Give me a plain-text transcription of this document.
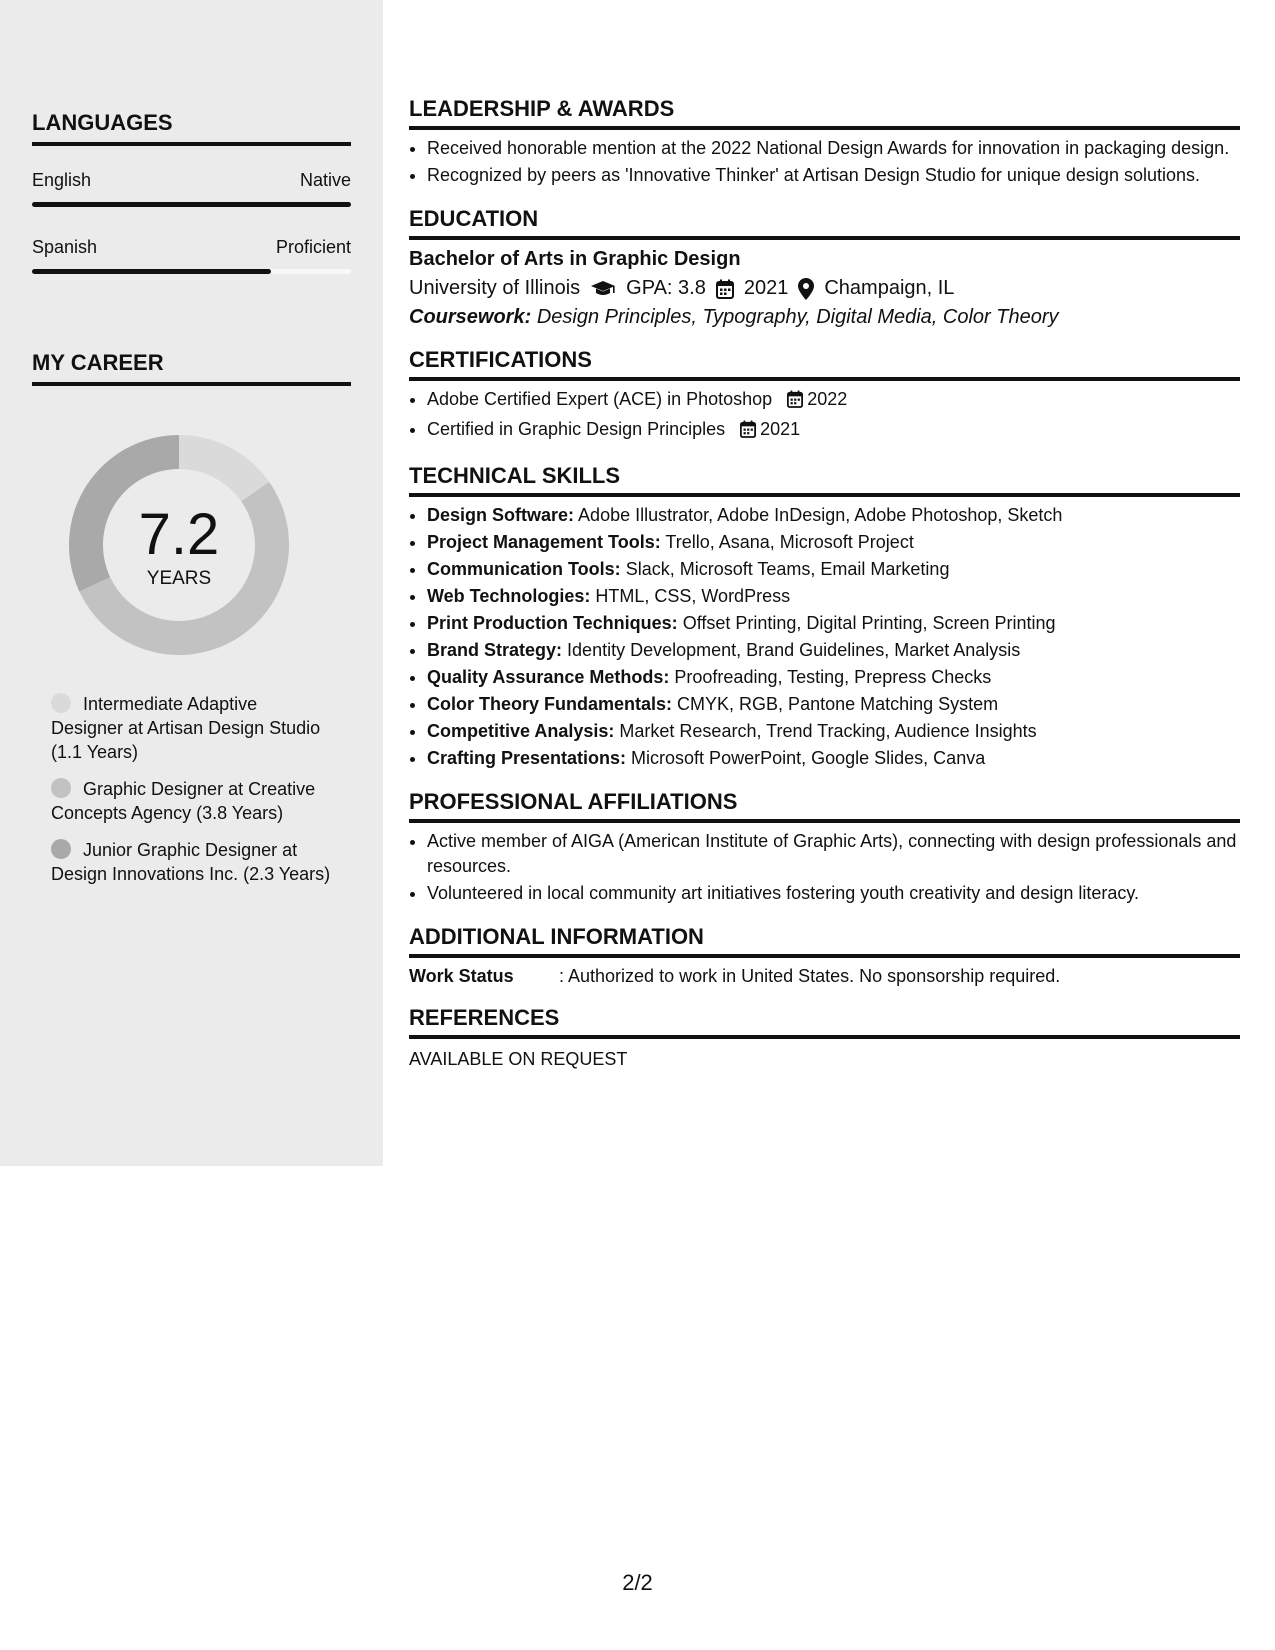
LANGUAGES
English	Native
Spanish	Proficient
MY CAREER
7.2
YEARS
Intermediate Adaptive Designer at Artisan Design Studio (1.1 Years)
Graphic Designer at Creative Concepts Agency (3.8 Years)
Junior Graphic Designer at Design Innovations Inc. (2.3 Years)
LEADERSHIP & AWARDS
• Received honorable mention at the 2022 National Design Awards for innovation in packaging design.
• Recognized by peers as 'Innovative Thinker' at Artisan Design Studio for unique design solutions.
EDUCATION
Bachelor of Arts in Graphic Design
University of Illinois GPA: 3.8 2021 Champaign, IL
Coursework: Design Principles, Typography, Digital Media, Color Theory
CERTIFICATIONS
• Adobe Certified Expert (ACE) in Photoshop 2022
• Certified in Graphic Design Principles 2021
TECHNICAL SKILLS
• Design Software: Adobe Illustrator, Adobe InDesign, Adobe Photoshop, Sketch
• Project Management Tools: Trello, Asana, Microsoft Project
• Communication Tools: Slack, Microsoft Teams, Email Marketing
• Web Technologies: HTML, CSS, WordPress
• Print Production Techniques: Offset Printing, Digital Printing, Screen Printing
• Brand Strategy: Identity Development, Brand Guidelines, Market Analysis
• Quality Assurance Methods: Proofreading, Testing, Prepress Checks
• Color Theory Fundamentals: CMYK, RGB, Pantone Matching System
• Competitive Analysis: Market Research, Trend Tracking, Audience Insights
• Crafting Presentations: Microsoft PowerPoint, Google Slides, Canva
PROFESSIONAL AFFILIATIONS
• Active member of AIGA (American Institute of Graphic Arts), connecting with design professionals and resources.
• Volunteered in local community art initiatives fostering youth creativity and design literacy.
ADDITIONAL INFORMATION
Work Status	: Authorized to work in United States. No sponsorship required.
REFERENCES
AVAILABLE ON REQUEST
2/2
